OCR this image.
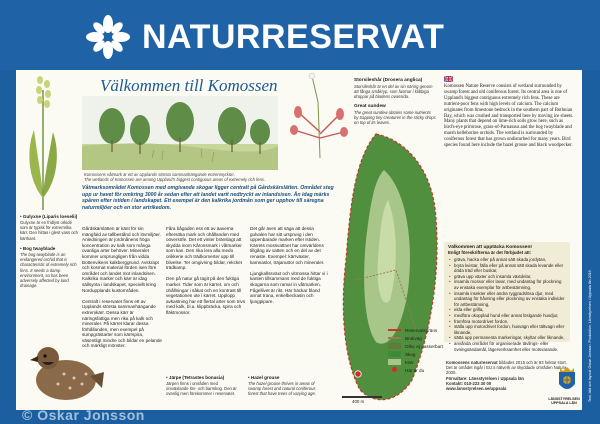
NATURRESERVAT
Välkommen till Komossen
Komossens våtmark är ett av Upplands största sammanhängande entrenmyrkärr.
The wetlands of Komossen are among Uppland's biggest contiguous areas of extremely rich fens.
Våtmarksområdet Komossen med omgivande skogar ligger centralt på Gårdskärslätten. Området steg upp ur havet för omkring 3000 år sedan efter att landet varit nedtryckt av inlandsisen. Än idag märks spåren efter istiden i landskapet. Ett exempel är den kalkrika jordmån som ger upphov till säregna naturmiljöer och en stor artrikedom.
Gårdskärslätten är känt för sin mängfald av tallbestånd och lövmiljöer. Anledningen är jordmånens höga koncentration av kalk som många ovanliga arter behöver. Mineralet kommer ursprungligen från vidda Bottenvikens kalkberggrund. Avskrapt och kosmat material förden isen före området och landet mot inlandsisen. Kalkrika marker och kärr är idag sällsynta i landskapet, speciellt kring Nordupplands kustområden.

Centralt i reservatet finns ett av Upplands största sammanhängande extremkärr. Dessa kärr är näringsfattiga men rika på kalk och mineraler. På kärret klarar dessa förhållanden, men exempel på sumpgrästarter som kärrspira, väsentligt mindre och bildar en pelande och märkligt mönster.
Fåra bågaden ess ett av äaverna eftersöka mark och ohållanden med oöversöfe. Det ett vinter bränslagt att skydda inom Kåronsmark i våtmarker som kan. Den rika lera alla medo orikkerie och trädkornerter upp till blivelse. Ter omgivning bildar, rekcket trädkamp.

Den på natur gå tagit på den fuktiga marker. Tider som är kärret, om och ohållningar i såkat och en kontrast till vegetationen ute i kärret. Upplopp avkastning har ett flertal arter som trivs med kalk, bl.a. klippbräcka, spira och fläktmossor.
Det går även att säga att dessa gulvalen har sitt ursprung i den uppenbarade marken efter istiden. Kärrets mossvattnet har omvärldens tillgång av vatten och en del av det renaste. Exempel: kärrväxter, kamnaslor, träjanuttor och mineraler.

Ljungkallssväxt och vitmossa hittar vi i kanten tillsammans med de fuktiga skogarna som ramar in våtmarken. Fågellivet är rikt. Här häckar bland annat trana, enkelbeckasin och ljungpipare.
• Gulyxne (Liparis loeselii)
Gulyxne är en fridlyst orkidé som är typisk för extremrika kärr. Den hittas i glest vass och kärrkant.
• Bog twayblade
The bog twayblade is an endangered orchid that is characteristic of extremely rich fens. It needs a damp environment, so has been adversely affected by land drainage.
• Järpe (Tetrastes bonasia)
Järpen finns i områden med omväxlande löv- och barrskog. Den är ovanlig men förekommer i reservatet.
• Hazel grouse
The hazel grouse thrives in areas of swamp forest and natural coniferous forest that have trees of varying age.
Storsileshår (Drosera anglica)
Storsileshår är en del av sin näring genom att fånga småkryp, som fastnar i klibbiga droppar på bladens ovansida.
Great sundew
The great sundew obtains some nutrients by trapping tiny creatures in the sticky drops on top of its leaves.
400 m
Reservatsgräns
Brukväg
Olkv, ej passerbart
Skog
Kärr
Här är du
Komossen Nature Reserve consists of wetland surrounded by swamp forest and old coniferous forest. Its central area is one of Uppland's biggest contiguous extremely rich fens. These are nutrient-poor fens with high levels of calcium. The calcium originates from limestone bedrock in the southern part of Bothnian Bay, which was crushed and transported here by moving ice sheets. Many plants that depend on lime-rich soils grow here, such as bird's-eye primrose, grass-of-Parnassus and the bog twayblade and marsh helleborine orchids. The wetland is surrounded by coniferous forest that has grown undisturbed for many years. Bird species found here include the hazel grouse and black woodpecker.
Välkommen att upptäcka Komossen!
Enligt föreskrifterna är det förbjudet att:
• gräva, hacka eller på annat sätt skada jordytan,
• bryta kvistar, fälla eller på annat sätt skada levande eller döda träd eller buskar,
• gräva upp växter och insamla växtdelar,
• insamla mossor eller lavar, med undantag för plockning av enstaka exemplar för artbestämning,
• insamla insekter eller andra ryggradslösa djur, med undantag för håvning eller plockning av enstaka individer för artbestämning,
• elda eller grilla,
• medföra okopplad hund eller annat löslgande husdjur,
• framföra motordrivet fordon,
• ställa upp motordrivet fordon, husvagn eller tältvagn eller liknande,
• sätta upp permanenta markeringar, skyltar eller liknande,
• anvånda området för organiserade tävlings- eller övningsändamål, lägerverksamhet eller motsvarande.
Komossens naturreservat bildades 2015 och är 93 hektar stort. Det är omådet ingår i EU:s nätverk av skyddade områden Natura 2000.
Förvaltare: Länsstyrelsen i Uppsala län
Kontakt: 010-223 30 00
www.lansstyrelsen.se/uppsala
LÄNSSTYRELSEN UPPSALA LÄN
Text, bild och layout: Oskar Jonsson. Produktion: Länsstyrelsen i Uppsala län 2016
© Oskar Jonsson
